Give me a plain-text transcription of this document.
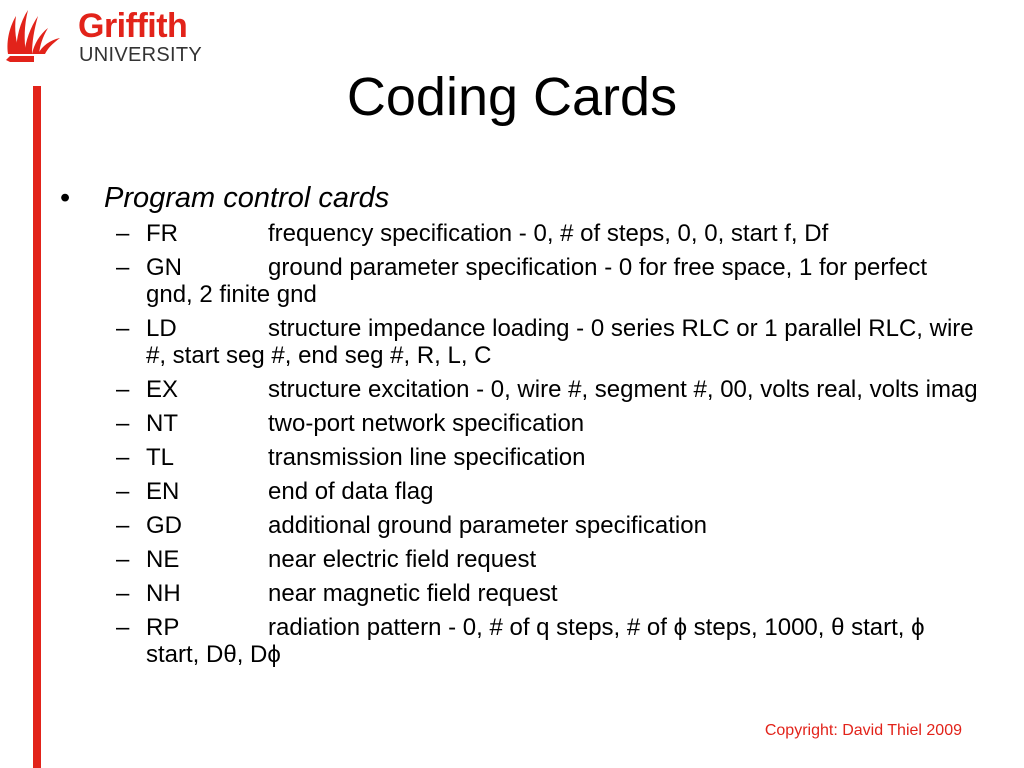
Griffith
UNIVERSITY
Coding Cards
• Program control cards
– FR	frequency specification - 0, # of steps, 0, 0, start f, Df
– GN	ground parameter specification - 0 for free space, 1 for perfect gnd, 2 finite gnd
– LD	structure impedance loading - 0 series RLC or 1 parallel RLC, wire #, start seg #, end seg #, R, L, C
– EX	structure excitation - 0, wire #, segment #, 00, volts real, volts imag
– NT	two-port network specification
– TL	transmission line specification
– EN	end of data flag
– GD	additional ground parameter specification
– NE	near electric field request
– NH	near magnetic field request
– RP	radiation pattern - 0, # of q steps, # of ϕ steps, 1000, θ start, ϕ start, Dθ, Dϕ
Copyright: David Thiel 2009
